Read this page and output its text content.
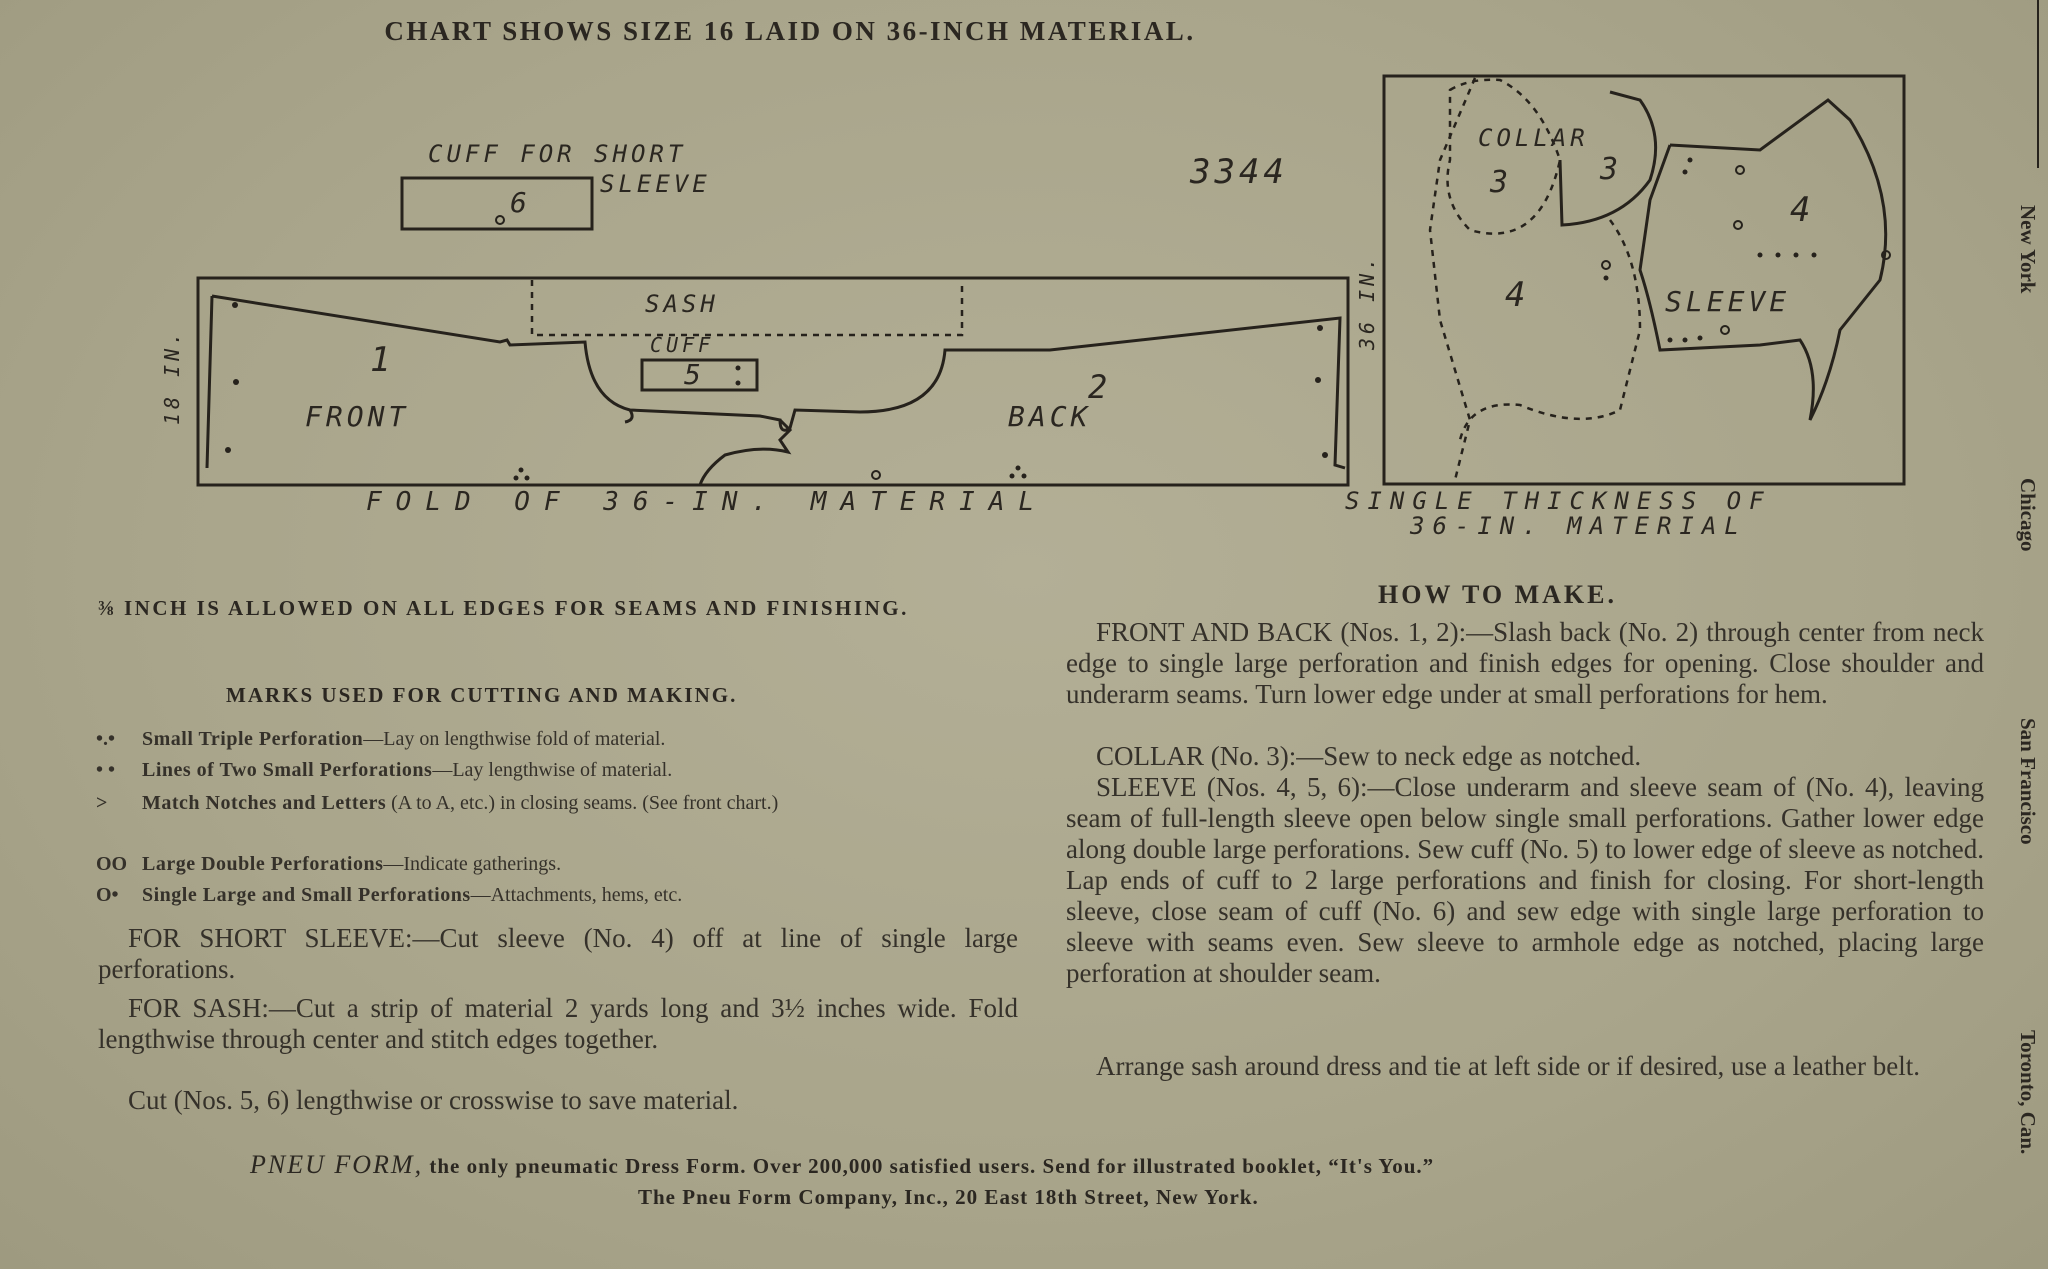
CHART SHOWS SIZE 16 LAID ON 36-INCH MATERIAL.
CUFF FOR SHORT
SLEEVE
6
3344
SASH
CUFF
5
18 IN.
36 IN.
1
FRONT
2
BACK
COLLAR
3	3
4
4	SLEEVE
FOLD OF 36-IN. MATERIAL	SINGLE THICKNESS OF
36-IN. MATERIAL
⅜ INCH IS ALLOWED ON ALL EDGES FOR SEAMS AND FINISHING.
MARKS USED FOR CUTTING AND MAKING.
•.• Small Triple Perforation—Lay on lengthwise fold of material.
• • Lines of Two Small Perforations—Lay lengthwise of material.
> Match Notches and Letters (A to A, etc.) in closing seams. (See front chart.)
OO Large Double Perforations—Indicate gatherings.
O• Single Large and Small Perforations—Attachments, hems, etc.
FOR SHORT SLEEVE:—Cut sleeve (No. 4) off at line of single large perforations.
FOR SASH:—Cut a strip of material 2 yards long and 3½ inches wide. Fold lengthwise through center and stitch edges together.
Cut (Nos. 5, 6) lengthwise or crosswise to save material.
HOW TO MAKE.
FRONT AND BACK (Nos. 1, 2):—Slash back (No. 2) through center from neck edge to single large perforation and finish edges for opening. Close shoulder and underarm seams. Turn lower edge under at small perforations for hem.
COLLAR (No. 3):—Sew to neck edge as notched.
SLEEVE (Nos. 4, 5, 6):—Close underarm and sleeve seam of (No. 4), leaving seam of full-length sleeve open below single small perforations. Gather lower edge along double large perforations. Sew cuff (No. 5) to lower edge of sleeve as notched. Lap ends of cuff to 2 large perforations and finish for closing. For short-length sleeve, close seam of cuff (No. 6) and sew edge with single large perforation to sleeve with seams even. Sew sleeve to armhole edge as notched, placing large perforation at shoulder seam.
Arrange sash around dress and tie at left side or if desired, use a leather belt.
PNEU FORM, the only pneumatic Dress Form. Over 200,000 satisfied users. Send for illustrated booklet, “It's You.”
The Pneu Form Company, Inc., 20 East 18th Street, New York.
New York
Chicago
San Francisco
Toronto, Can.
